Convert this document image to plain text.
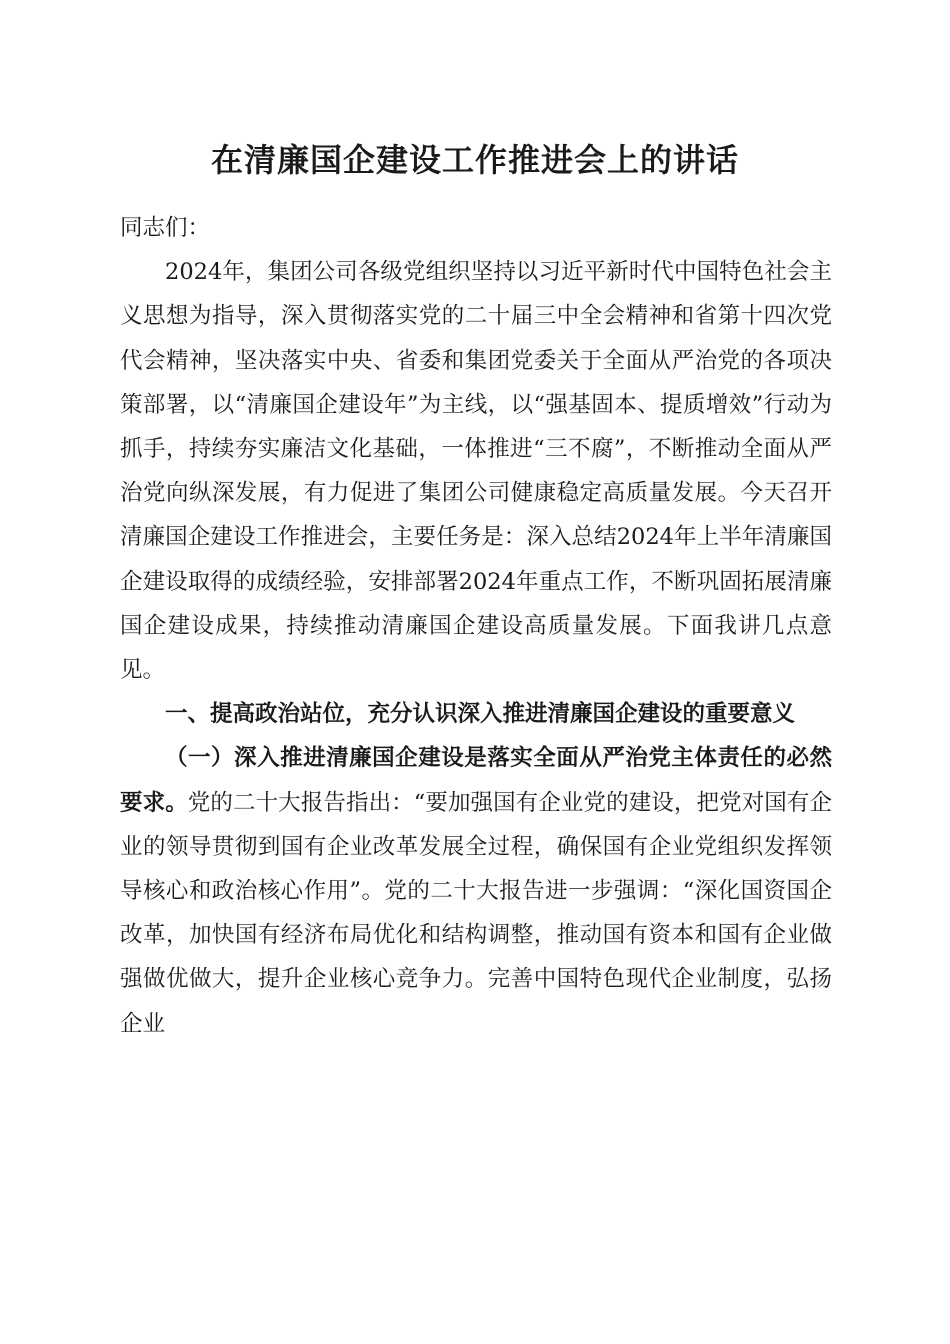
在清廉国企建设工作推进会上的讲话

同志们：

2024年，集团公司各级党组织坚持以习近平新时代中国特色社会主义思想为指导，深入贯彻落实党的二十届三中全会精神和省第十四次党代会精神，坚决落实中央、省委和集团党委关于全面从严治党的各项决策部署，以“清廉国企建设年”为主线，以“强基固本、提质增效”行动为抓手，持续夯实廉洁文化基础，一体推进“三不腐”，不断推动全面从严治党向纵深发展，有力促进了集团公司健康稳定高质量发展。今天召开清廉国企建设工作推进会，主要任务是：深入总结2024年上半年清廉国企建设取得的成绩经验，安排部署2024年重点工作，不断巩固拓展清廉国企建设成果，持续推动清廉国企建设高质量发展。下面我讲几点意见。

一、提高政治站位，充分认识深入推进清廉国企建设的重要意义

（一）深入推进清廉国企建设是落实全面从严治党主体责任的必然要求。党的二十大报告指出：“要加强国有企业党的建设，把党对国有企业的领导贯彻到国有企业改革发展全过程，确保国有企业党组织发挥领导核心和政治核心作用”。党的二十大报告进一步强调：“深化国资国企改革，加快国有经济布局优化和结构调整，推动国有资本和国有企业做强做优做大，提升企业核心竞争力。完善中国特色现代企业制度，弘扬企业
